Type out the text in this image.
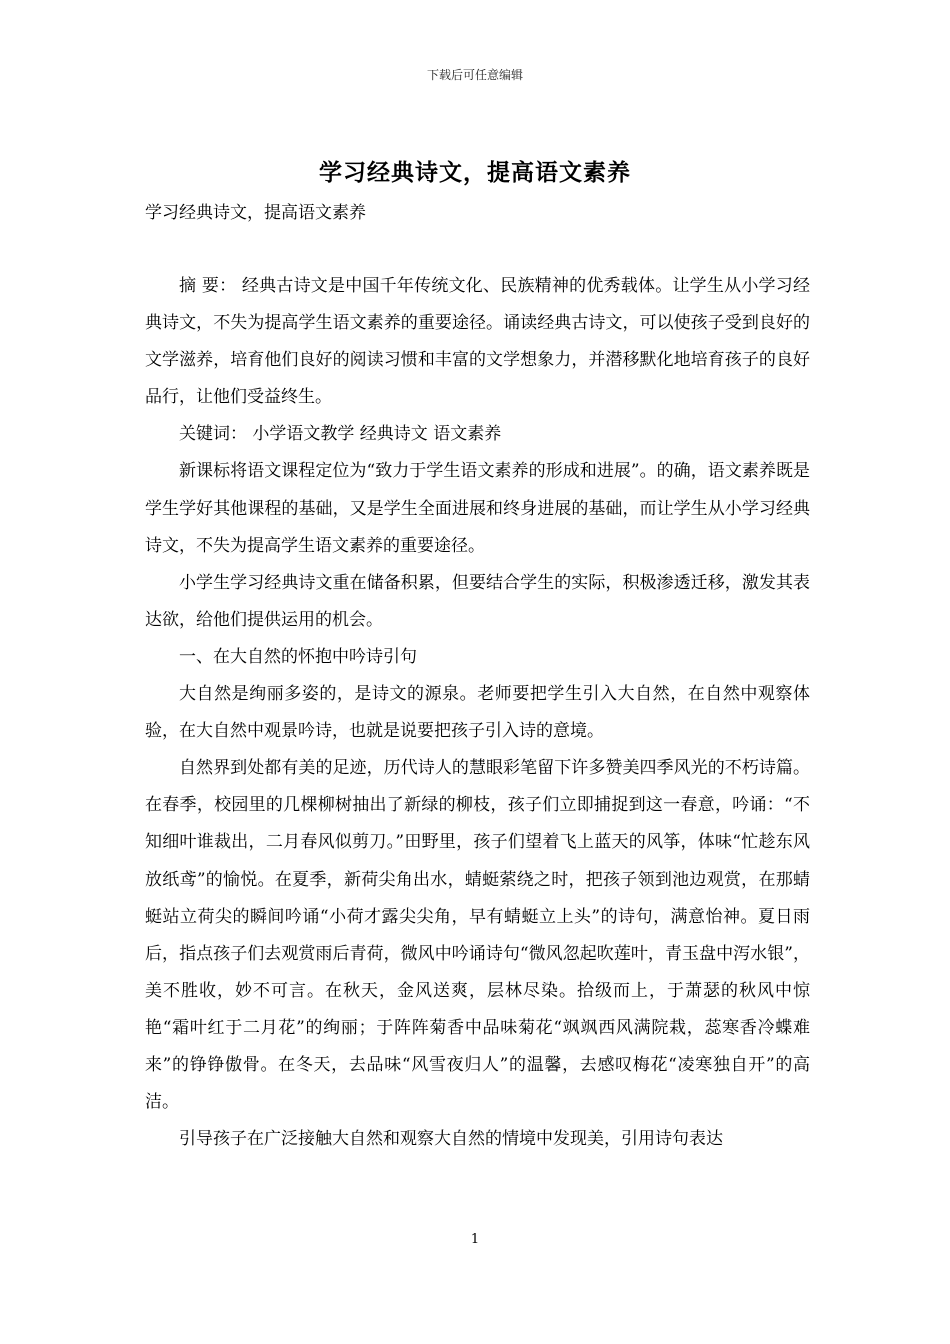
下载后可任意编辑
学习经典诗文，提高语文素养
学习经典诗文，提高语文素养

摘 要： 经典古诗文是中国千年传统文化、民族精神的优秀载体。让学生从小学习经典诗文，不失为提高学生语文素养的重要途径。诵读经典古诗文，可以使孩子受到良好的文学滋养，培育他们良好的阅读习惯和丰富的文学想象力，并潜移默化地培育孩子的良好品行，让他们受益终生。

关键词： 小学语文教学 经典诗文 语文素养

新课标将语文课程定位为“致力于学生语文素养的形成和进展”。的确，语文素养既是学生学好其他课程的基础，又是学生全面进展和终身进展的基础，而让学生从小学习经典诗文，不失为提高学生语文素养的重要途径。

小学生学习经典诗文重在储备积累，但要结合学生的实际，积极渗透迁移，激发其表达欲，给他们提供运用的机会。

一、在大自然的怀抱中吟诗引句

大自然是绚丽多姿的，是诗文的源泉。老师要把学生引入大自然，在自然中观察体验，在大自然中观景吟诗，也就是说要把孩子引入诗的意境。

自然界到处都有美的足迹，历代诗人的慧眼彩笔留下许多赞美四季风光的不朽诗篇。在春季，校园里的几棵柳树抽出了新绿的柳枝，孩子们立即捕捉到这一春意，吟诵：“不知细叶谁裁出，二月春风似剪刀。”田野里，孩子们望着飞上蓝天的风筝，体味“忙趁东风放纸鸢”的愉悦。在夏季，新荷尖角出水，蜻蜓萦绕之时，把孩子领到池边观赏，在那蜻蜓站立荷尖的瞬间吟诵“小荷才露尖尖角，早有蜻蜓立上头”的诗句，满意怡神。夏日雨后，指点孩子们去观赏雨后青荷，微风中吟诵诗句“微风忽起吹莲叶，青玉盘中泻水银”，美不胜收，妙不可言。在秋天，金风送爽，层林尽染。拾级而上，于萧瑟的秋风中惊艳“霜叶红于二月花”的绚丽；于阵阵菊香中品味菊花“飒飒西风满院栽，蕊寒香冷蝶难来”的铮铮傲骨。在冬天，去品味“风雪夜归人”的温馨，去感叹梅花“凌寒独自开”的高洁。

引导孩子在广泛接触大自然和观察大自然的情境中发现美，引用诗句表达

1
